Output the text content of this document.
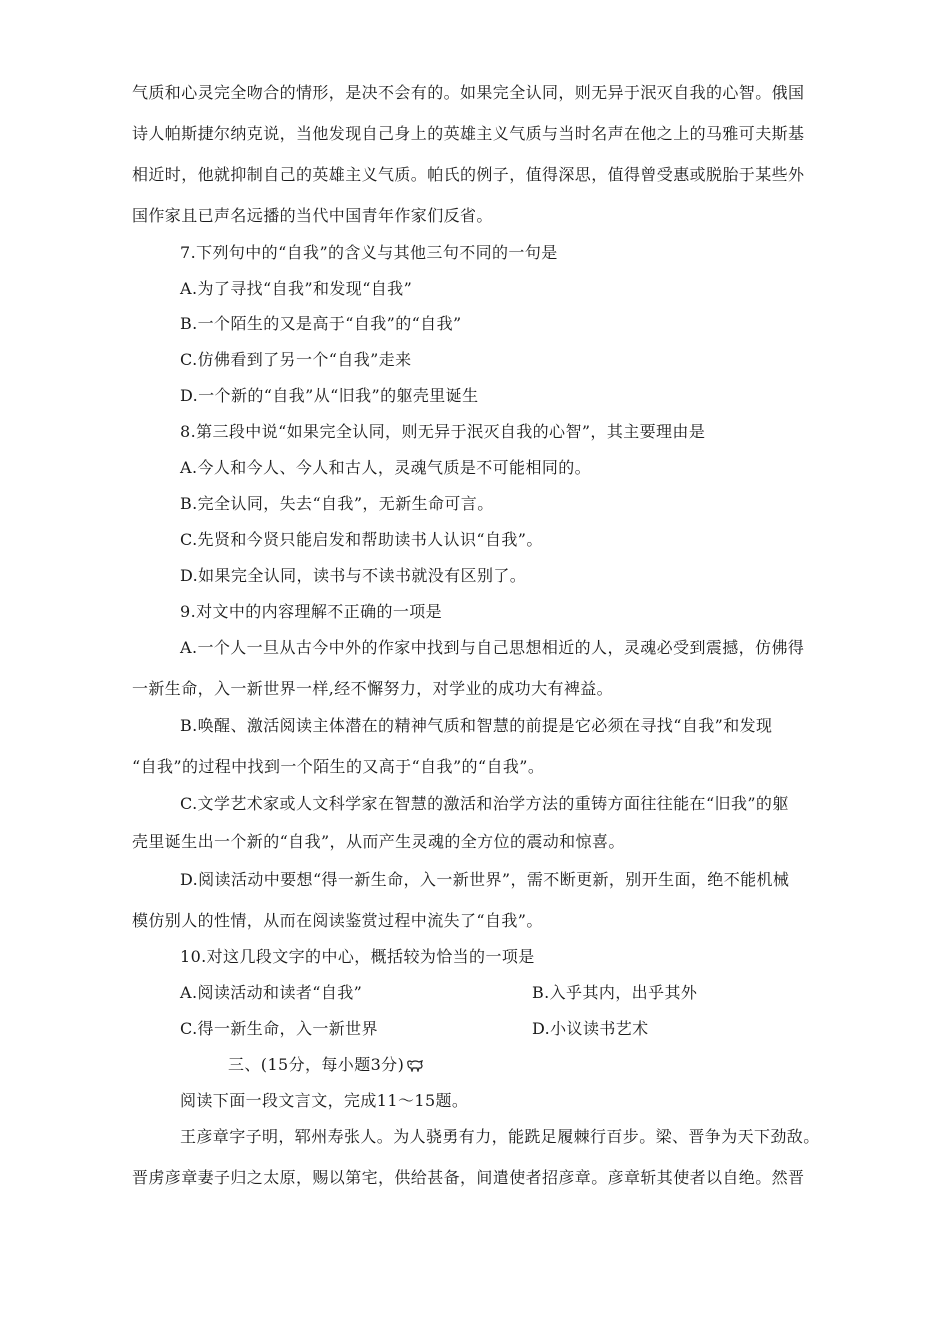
气质和心灵完全吻合的情形，是决不会有的。如果完全认同，则无异于泯灭自我的心智。俄国
诗人帕斯捷尔纳克说，当他发现自己身上的英雄主义气质与当时名声在他之上的马雅可夫斯基
相近时，他就抑制自己的英雄主义气质。帕氏的例子，值得深思，值得曾受惠或脱胎于某些外
国作家且已声名远播的当代中国青年作家们反省。
7.下列句中的“自我”的含义与其他三句不同的一句是
A.为了寻找“自我”和发现“自我”
B.一个陌生的又是高于“自我”的“自我”
C.仿佛看到了另一个“自我”走来
D.一个新的“自我”从“旧我”的躯壳里诞生
8.第三段中说“如果完全认同，则无异于泯灭自我的心智”，其主要理由是
A.今人和今人、今人和古人，灵魂气质是不可能相同的。
B.完全认同，失去“自我”，无新生命可言。
C.先贤和今贤只能启发和帮助读书人认识“自我”。
D.如果完全认同，读书与不读书就没有区别了。
9.对文中的内容理解不正确的一项是
A.一个人一旦从古今中外的作家中找到与自己思想相近的人，灵魂必受到震撼，仿佛得
一新生命，入一新世界一样,经不懈努力，对学业的成功大有裨益。
B.唤醒、激活阅读主体潜在的精神气质和智慧的前提是它必须在寻找“自我”和发现
“自我”的过程中找到一个陌生的又高于“自我”的“自我”。
C.文学艺术家或人文科学家在智慧的激活和治学方法的重铸方面往往能在“旧我”的躯
壳里诞生出一个新的“自我”，从而产生灵魂的全方位的震动和惊喜。
D.阅读活动中要想“得一新生命，入一新世界”，需不断更新，别开生面，绝不能机械
模仿别人的性情，从而在阅读鉴赏过程中流失了“自我”。
10.对这几段文字的中心，概括较为恰当的一项是
A.阅读活动和读者“自我”	B.入乎其内，出乎其外
C.得一新生命，入一新世界	D.小议读书艺术
三、(15分，每小题3分)
阅读下面一段文言文，完成11～15题。
王彦章字子明，郓州寿张人。为人骁勇有力，能跣足履棘行百步。梁、晋争为天下劲敌。
晋虏彦章妻子归之太原，赐以第宅，供给甚备，间遣使者招彦章。彦章斩其使者以自绝。然晋
